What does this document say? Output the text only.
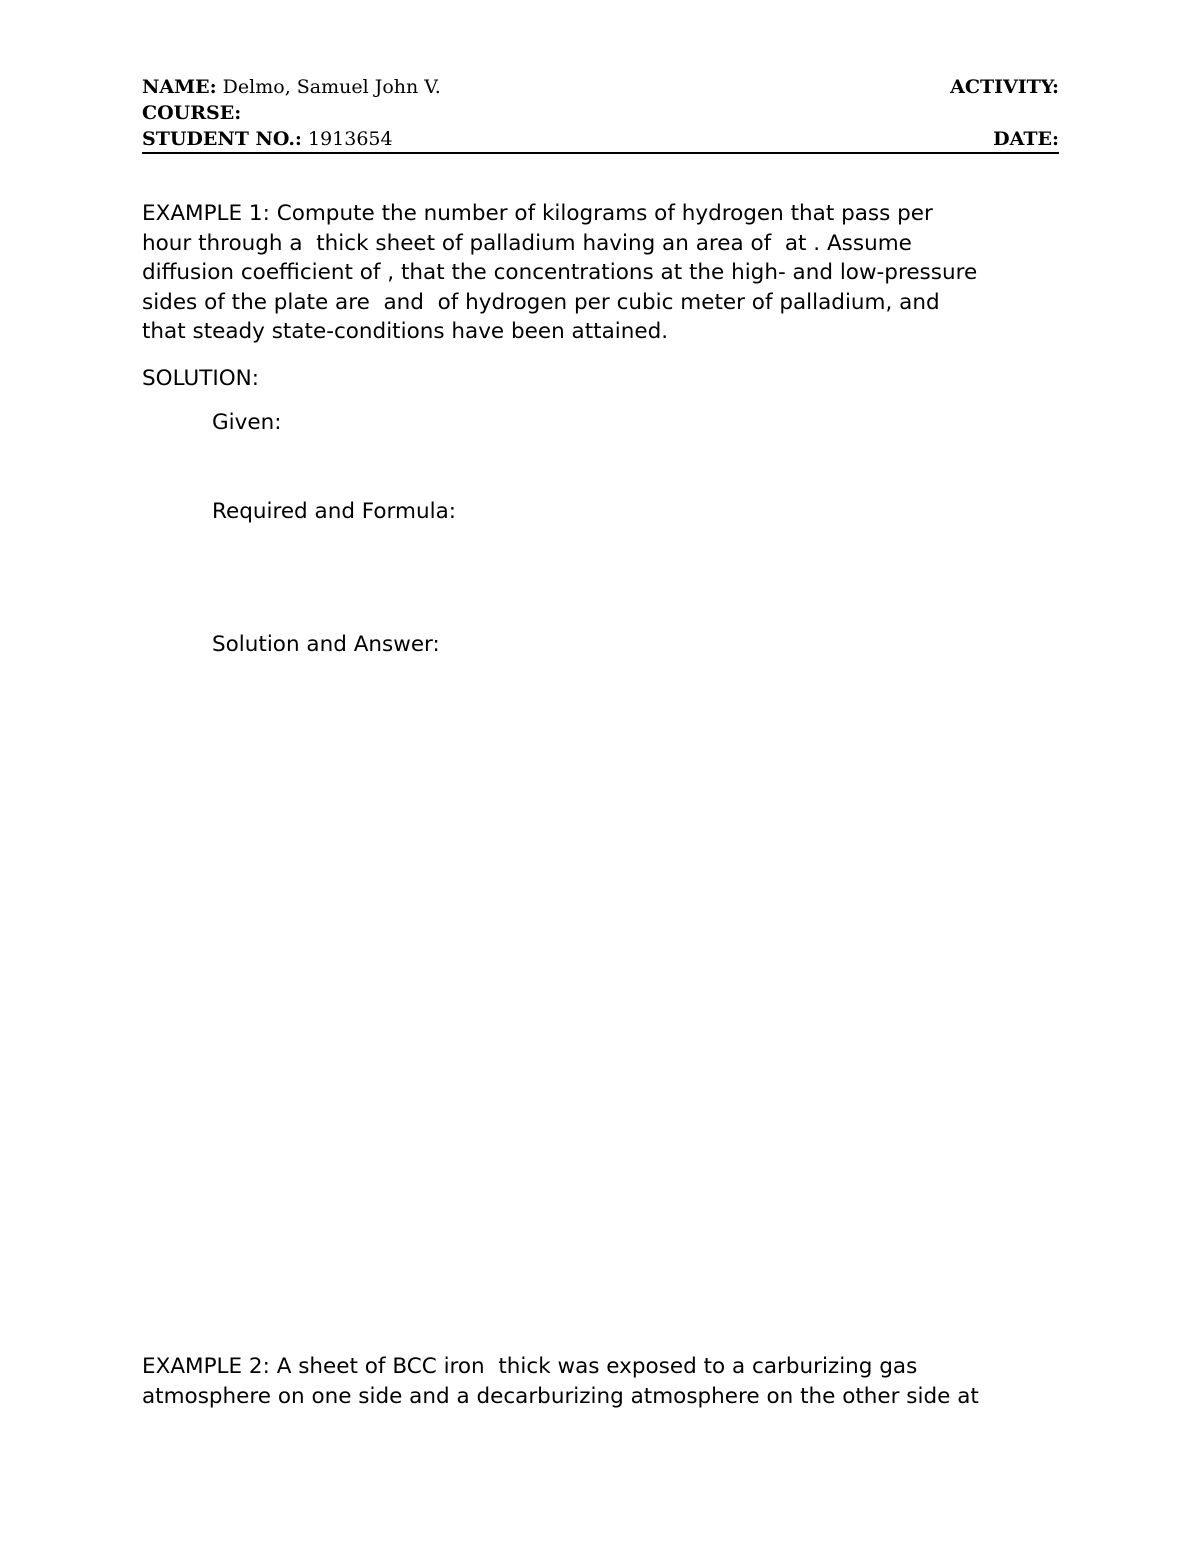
NAME: Delmo, Samuel John V.	ACTIVITY:
COURSE:
STUDENT NO.: 1913654	DATE:
EXAMPLE 1: Compute the number of kilograms of hydrogen that pass per
hour through a  thick sheet of palladium having an area of  at . Assume
diffusion coefficient of , that the concentrations at the high- and low-pressure
sides of the plate are  and  of hydrogen per cubic meter of palladium, and
that steady state-conditions have been attained.
SOLUTION:
Given:
Required and Formula:
Solution and Answer:
EXAMPLE 2: A sheet of BCC iron  thick was exposed to a carburizing gas
atmosphere on one side and a decarburizing atmosphere on the other side at
